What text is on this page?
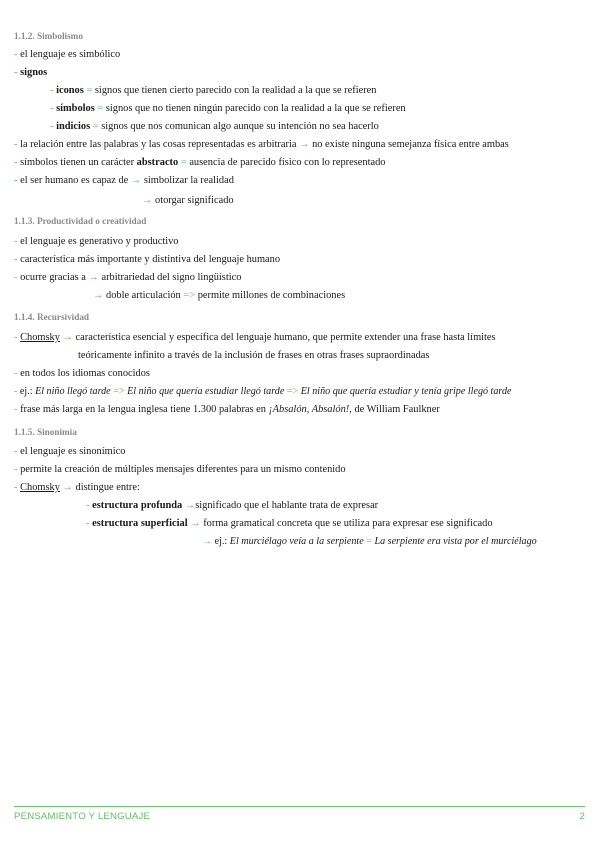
1.1.2. Simbolismo
- el lenguaje es simbólico
- signos
- iconos = signos que tienen cierto parecido con la realidad a la que se refieren
- símbolos = signos que no tienen ningún parecido con la realidad a la que se refieren
- indicios = signos que nos comunican algo aunque su intención no sea hacerlo
- la relación entre las palabras y las cosas representadas es arbitraria → no existe ninguna semejanza física entre ambas
- símbolos tienen un carácter abstracto = ausencia de parecido físico con lo representado
- el ser humano es capaz de → simbolizar la realidad
→ otorgar significado
1.1.3. Productividad o creatividad
- el lenguaje es generativo y productivo
- característica más importante y distintiva del lenguaje humano
- ocurre gracias a → arbitrariedad del signo lingüístico
→ doble articulación => permite millones de combinaciones
1.1.4. Recursividad
- Chomsky → característica esencial y específica del lenguaje humano, que permite extender una frase hasta límites
teóricamente infinito a través de la inclusión de frases en otras frases supraordinadas
- en todos los idiomas conocidos
- ej.: El niño llegó tarde => El niño que quería estudiar llegó tarde => El niño que quería estudiar y tenía gripe llegó tarde
- frase más larga en la lengua inglesa tiene 1.300 palabras en ¡Absalón, Absalón!, de William Faulkner
1.1.5. Sinonimia
- el lenguaje es sinonímico
- permite la creación de múltiples mensajes diferentes para un mismo contenido
- Chomsky → distingue entre:
- estructura profunda →significado que el hablante trata de expresar
- estructura superficial → forma gramatical concreta que se utiliza para expresar ese significado
→ ej.: El murciélago veía a la serpiente = La serpiente era vista por el murciélago
PENSAMIENTO Y LENGUAJE	2
